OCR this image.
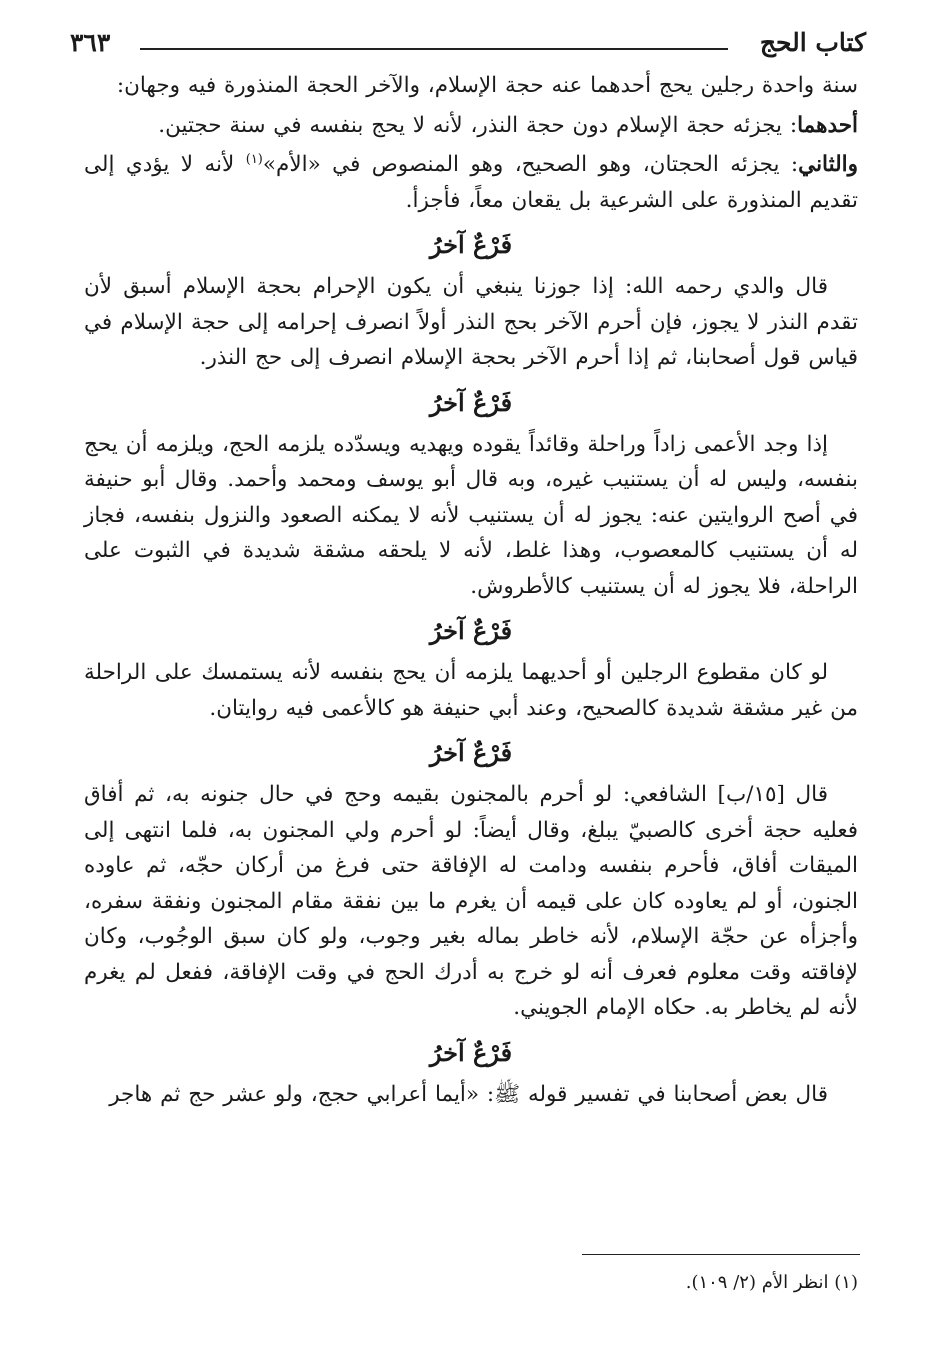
كتاب الحج
٣٦٣

سنة واحدة رجلين يحج أحدهما عنه حجة الإسلام، والآخر الحجة المنذورة فيه وجهان:

أحدهما: يجزئه حجة الإسلام دون حجة النذر، لأنه لا يحج بنفسه في سنة حجتين.

والثاني: يجزئه الحجتان، وهو الصحيح، وهو المنصوص في «الأم»$^{(١)}$ لأنه لا يؤدي إلى تقديم المنذورة على الشرعية بل يقعان معاً، فأجزأ.

فَرْعٌ آخرُ

قال والدي رحمه الله: إذا جوزنا ينبغي أن يكون الإحرام بحجة الإسلام أسبق لأن تقدم النذر لا يجوز، فإن أحرم الآخر بحج النذر أولاً انصرف إحرامه إلى حجة الإسلام في قياس قول أصحابنا، ثم إذا أحرم الآخر بحجة الإسلام انصرف إلى حج النذر.

فَرْعٌ آخرُ

إذا وجد الأعمى زاداً وراحلة وقائداً يقوده ويهديه ويسدّده يلزمه الحج، ويلزمه أن يحج بنفسه، وليس له أن يستنيب غيره، وبه قال أبو يوسف ومحمد وأحمد. وقال أبو حنيفة في أصح الروايتين عنه: يجوز له أن يستنيب لأنه لا يمكنه الصعود والنزول بنفسه، فجاز له أن يستنيب كالمعصوب، وهذا غلط، لأنه لا يلحقه مشقة شديدة في الثبوت على الراحلة، فلا يجوز له أن يستنيب كالأطروش.

فَرْعٌ آخرُ

لو كان مقطوع الرجلين أو أحديهما يلزمه أن يحج بنفسه لأنه يستمسك على الراحلة من غير مشقة شديدة كالصحيح، وعند أبي حنيفة هو كالأعمى فيه روايتان.

فَرْعٌ آخرُ

قال [١٥/ب] الشافعي: لو أحرم بالمجنون بقيمه وحج في حال جنونه به، ثم أفاق فعليه حجة أخرى كالصبيّ يبلغ، وقال أيضاً: لو أحرم ولي المجنون به، فلما انتهى إلى الميقات أفاق، فأحرم بنفسه ودامت له الإفاقة حتى فرغ من أركان حجّه، ثم عاوده الجنون، أو لم يعاوده كان على قيمه أن يغرم ما بين نفقة مقام المجنون ونفقة سفره، وأجزأه عن حجّة الإسلام، لأنه خاطر بماله بغير وجوب، ولو كان سبق الوجُوب، وكان لإفاقته وقت معلوم فعرف أنه لو خرج به أدرك الحج في وقت الإفاقة، ففعل لم يغرم لأنه لم يخاطر به. حكاه الإمام الجويني.

فَرْعٌ آخرُ

قال بعض أصحابنا في تفسير قوله ﷺ: «أيما أعرابي حجج، ولو عشر حج ثم هاجر

(١) انظر الأم (٢/ ١٠٩).
